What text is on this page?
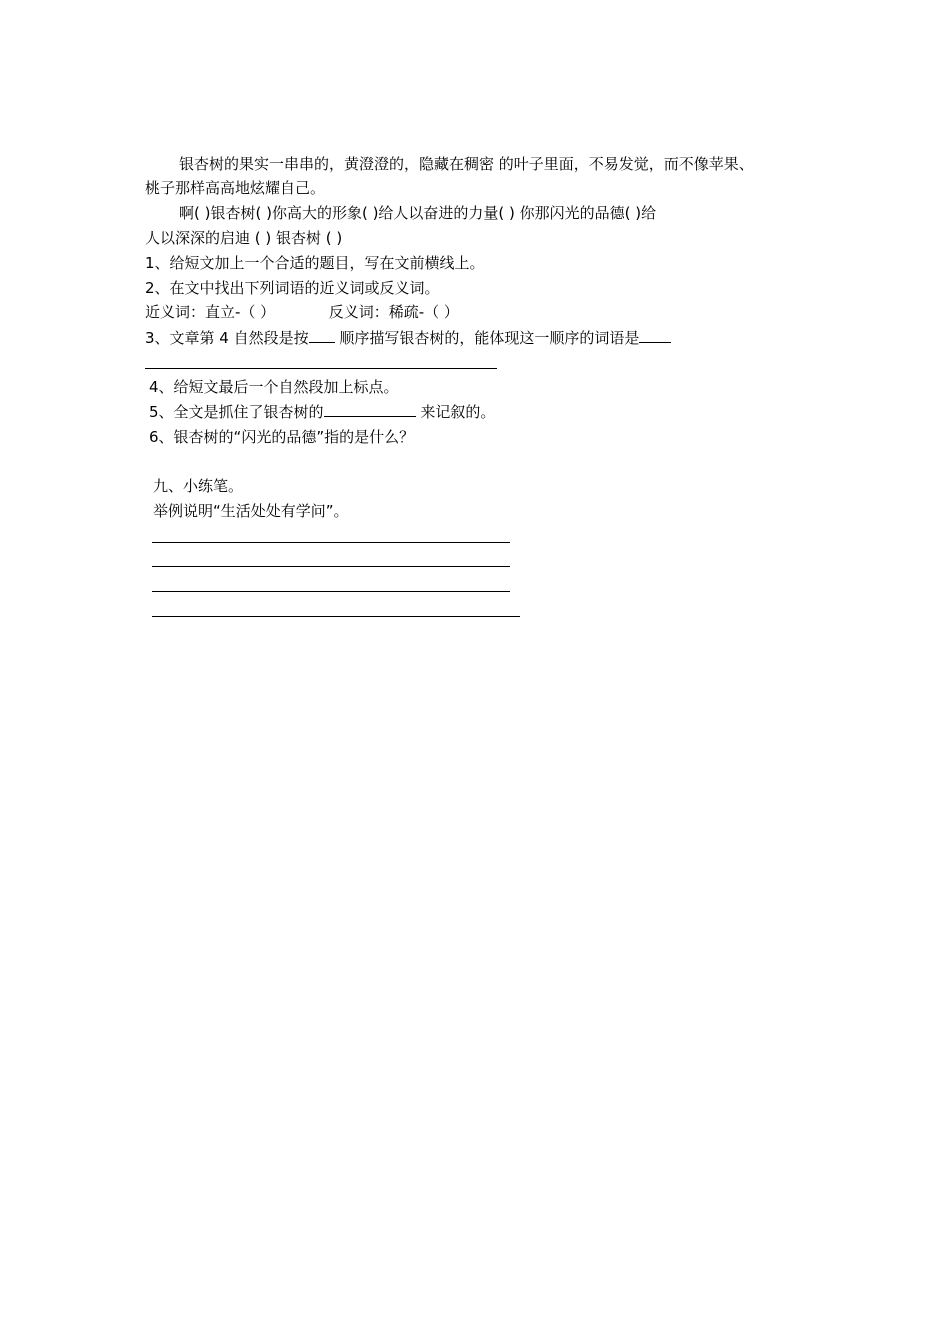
银杏树的果实一串串的，黄澄澄的，隐藏在稠密 的叶子里面，不易发觉，而不像苹果、
桃子那样高高地炫耀自己。
啊( )银杏树( )你高大的形象( )给人以奋进的力量( ) 你那闪光的品德( )给
人以深深的启迪 ( ) 银杏树 ( )
1、给短文加上一个合适的题目，写在文前横线上。
2、在文中找出下列词语的近义词或反义词。
近义词：直立-（ ）	反义词：稀疏-（ ）
3、文章第 4 自然段是按 顺序描写银杏树的，能体现这一顺序的词语是
4、给短文最后一个自然段加上标点。
5、全文是抓住了银杏树的	来记叙的。
6、银杏树的“闪光的品德”指的是什么？
九、小练笔。
举例说明“生活处处有学问”。
